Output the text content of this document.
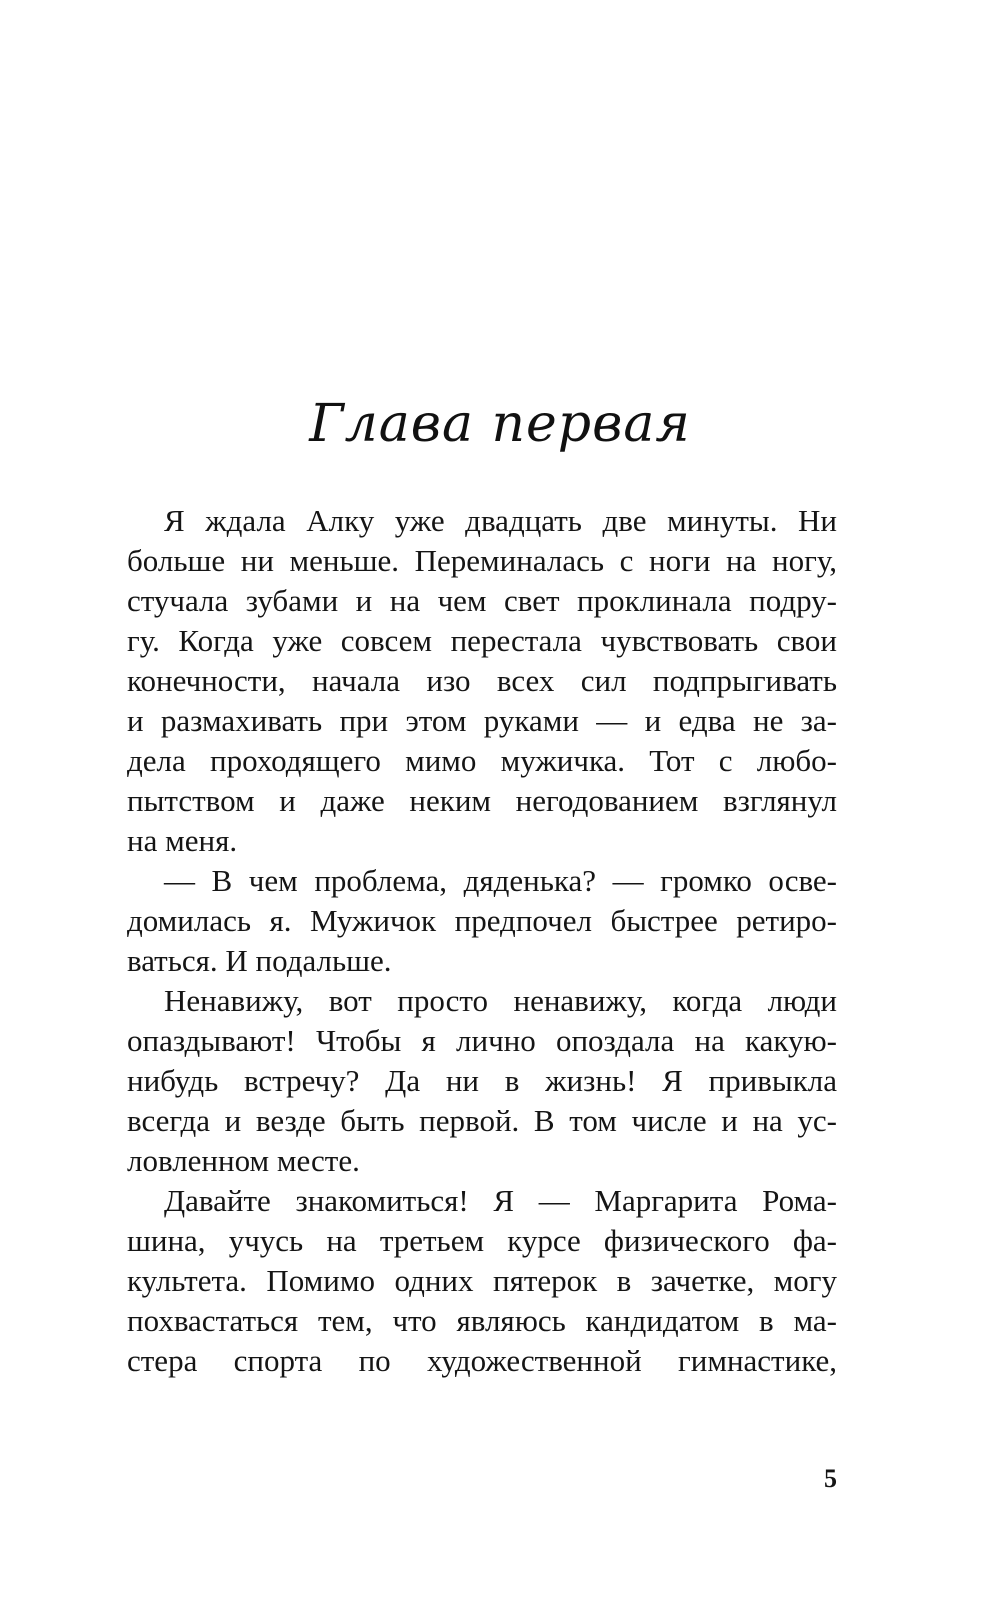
Глава первая
Я ждала Алку уже двадцать две минуты. Ни
больше ни меньше. Переминалась с ноги на ногу,
стучала зубами и на чем свет проклинала подру-
гу. Когда уже совсем перестала чувствовать свои
конечности, начала изо всех сил подпрыгивать
и размахивать при этом руками — и едва не за-
дела проходящего мимо мужичка. Тот с любо-
пытством и даже неким негодованием взглянул
на меня.
— В чем проблема, дяденька? — громко осве-
домилась я. Мужичок предпочел быстрее ретиро-
ваться. И подальше.
Ненавижу, вот просто ненавижу, когда люди
опаздывают! Чтобы я лично опоздала на какую-
нибудь встречу? Да ни в жизнь! Я привыкла
всегда и везде быть первой. В том числе и на ус-
ловленном месте.
Давайте знакомиться! Я — Маргарита Рома-
шина, учусь на третьем курсе физического фа-
культета. Помимо одних пятерок в зачетке, могу
похвастаться тем, что являюсь кандидатом в ма-
стера спорта по художественной гимнастике,
5
